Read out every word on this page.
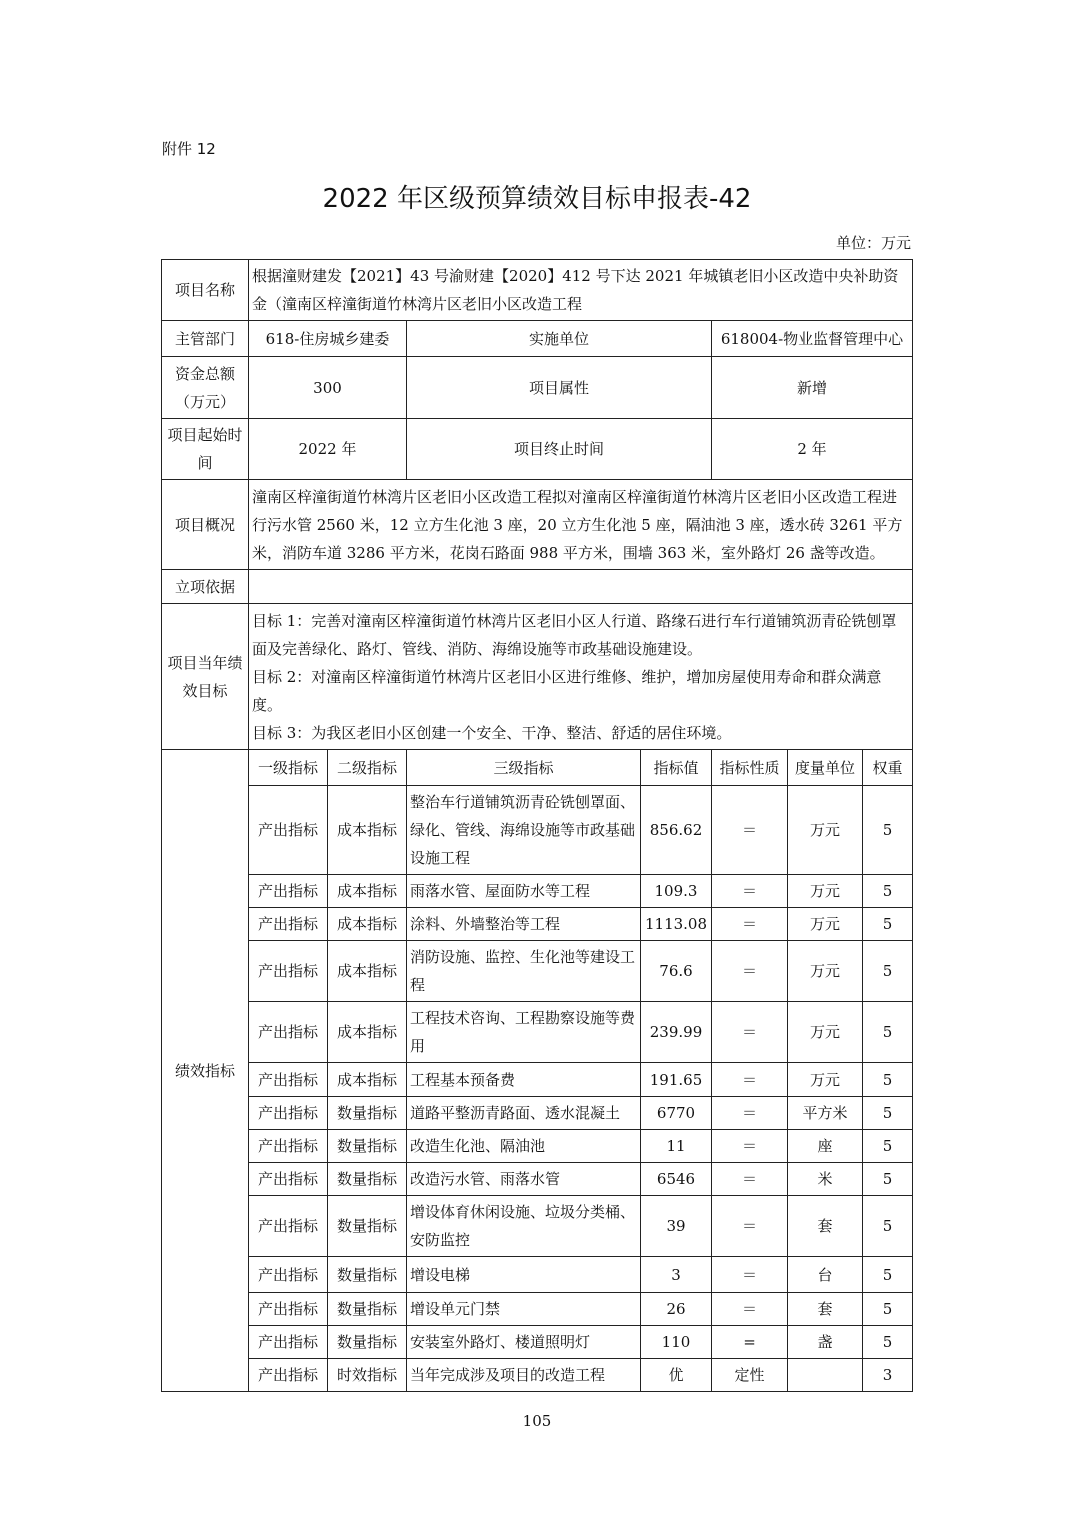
附件 12
2022 年区级预算绩效目标申报表-42
单位：万元
项目名称	根据潼财建发【2021】43 号渝财建【2020】412 号下达 2021 年城镇老旧小区改造中央补助资金（潼南区梓潼街道竹林湾片区老旧小区改造工程						
主管部门	618-住房城乡建委		实施单位		618004-物业监督管理中心		
资金总额（万元）	300		项目属性		新增		
项目起始时间	2022 年		项目终止时间		2 年		
项目概况	潼南区梓潼街道竹林湾片区老旧小区改造工程拟对潼南区梓潼街道竹林湾片区老旧小区改造工程进行污水管 2560 米，12 立方生化池 3 座，20 立方生化池 5 座，隔油池 3 座，透水砖 3261 平方米，消防车道 3286 平方米，花岗石路面 988 平方米，围墙 363 米，室外路灯 26 盏等改造。						
立项依据							
项目当年绩效目标	目标 1：完善对潼南区梓潼街道竹林湾片区老旧小区人行道、路缘石进行车行道铺筑沥青砼铣刨罩面及完善绿化、路灯、管线、消防、海绵设施等市政基础设施建设。
目标 2：对潼南区梓潼街道竹林湾片区老旧小区进行维修、维护，增加房屋使用寿命和群众满意度。
目标 3：为我区老旧小区创建一个安全、干净、整洁、舒适的居住环境。						

绩效指标	一级指标	二级指标	三级指标	指标值	指标性质	度量单位	权重
	产出指标	成本指标	整治车行道铺筑沥青砼铣刨罩面、绿化、管线、海绵设施等市政基础设施工程	856.62	＝	万元	5
	产出指标	成本指标	雨落水管、屋面防水等工程	109.3	＝	万元	5
	产出指标	成本指标	涂料、外墙整治等工程	1113.08	＝	万元	5
	产出指标	成本指标	消防设施、监控、生化池等建设工程	76.6	＝	万元	5
	产出指标	成本指标	工程技术咨询、工程勘察设施等费用	239.99	＝	万元	5
	产出指标	成本指标	工程基本预备费	191.65	＝	万元	5
	产出指标	数量指标	道路平整沥青路面、透水混凝土	6770	＝	平方米	5
	产出指标	数量指标	改造生化池、隔油池	11	＝	座	5
	产出指标	数量指标	改造污水管、雨落水管	6546	＝	米	5
	产出指标	数量指标	增设体育休闲设施、垃圾分类桶、安防监控	39	＝	套	5
	产出指标	数量指标	增设电梯	3	＝	台	5
	产出指标	数量指标	增设单元门禁	26	＝	套	5
	产出指标	数量指标	安装室外路灯、楼道照明灯	110	=	盏	5
	产出指标	时效指标	当年完成涉及项目的改造工程	优	定性		3
105
